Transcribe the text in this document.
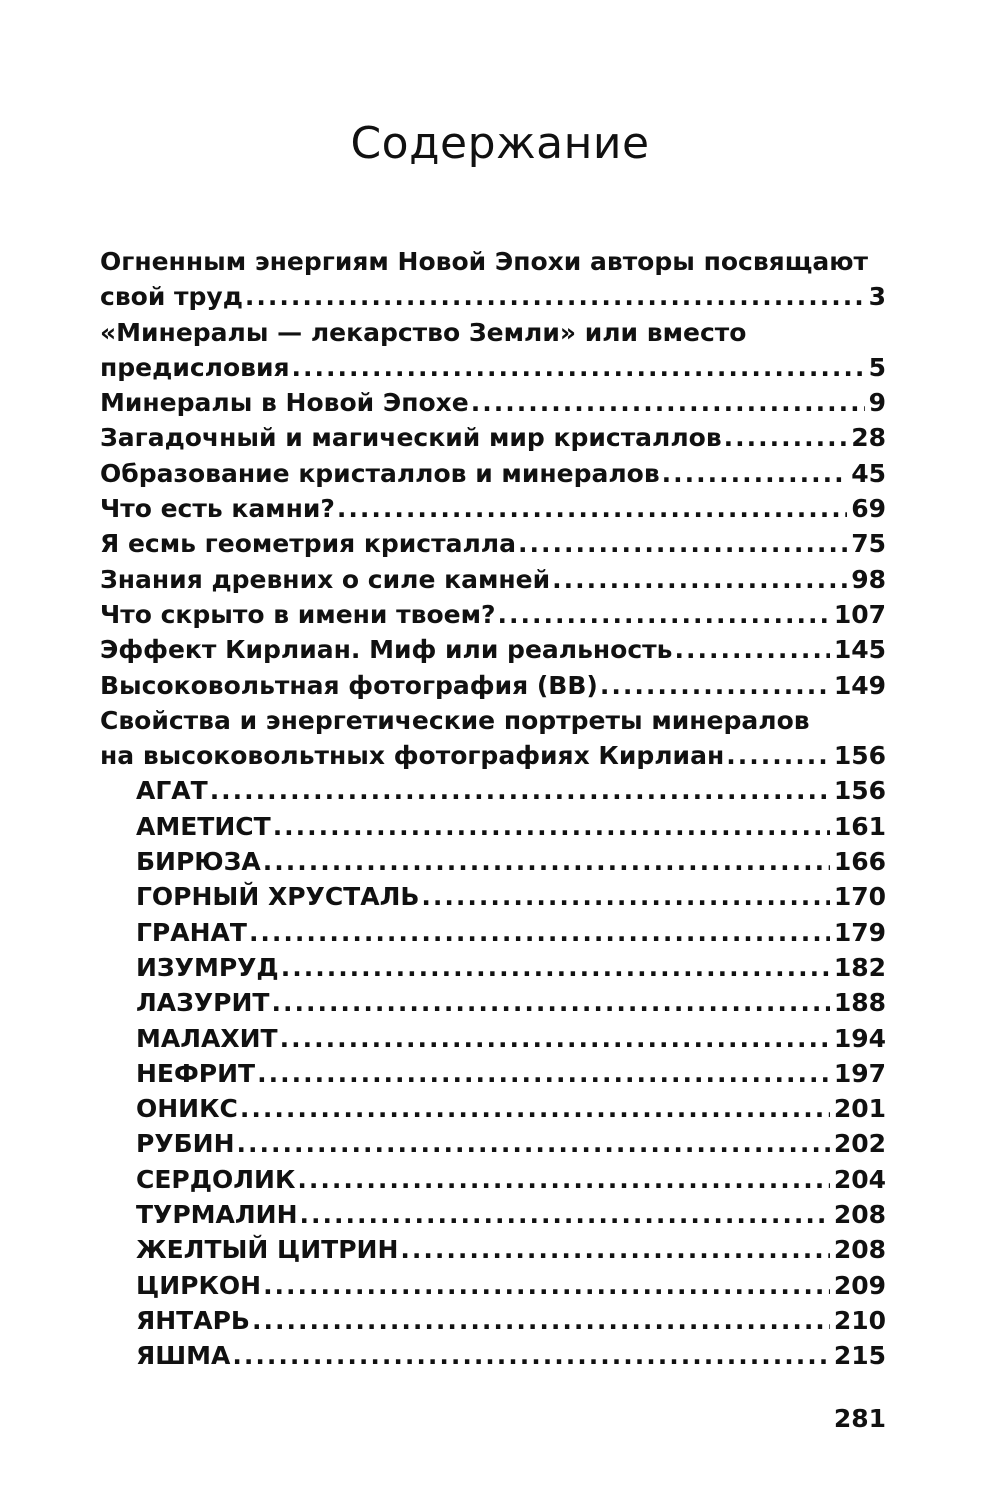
Содержание
Огненным энергиям Новой Эпохи авторы посвящают
свой труд .....	3
«Минералы — лекарство Земли» или вместо
предисловия .....	5
Минералы в Новой Эпохе .....	9
Загадочный и магический мир кристаллов .....	28
Образование кристаллов и минералов .....	45
Что есть камни? .....	69
Я есмь геометрия кристалла .....	75
Знания древних о силе камней .....	98
Что скрыто в имени твоем? .....	107
Эффект Кирлиан. Миф или реальность .....	145
Высоковольтная фотография (ВВ) .....	149
Свойства и энергетические портреты минералов
на высоковольтных фотографиях Кирлиан .....	156
АГАТ .....	156
АМЕТИСТ .....	161
БИРЮЗА .....	166
ГОРНЫЙ ХРУСТАЛЬ .....	170
ГРАНАТ .....	179
ИЗУМРУД .....	182
ЛАЗУРИТ .....	188
МАЛАХИТ .....	194
НЕФРИТ .....	197
ОНИКС .....	201
РУБИН .....	202
СЕРДОЛИК .....	204
ТУРМАЛИН .....	208
ЖЕЛТЫЙ ЦИТРИН .....	208
ЦИРКОН .....	209
ЯНТАРЬ .....	210
ЯШМА .....	215
281
